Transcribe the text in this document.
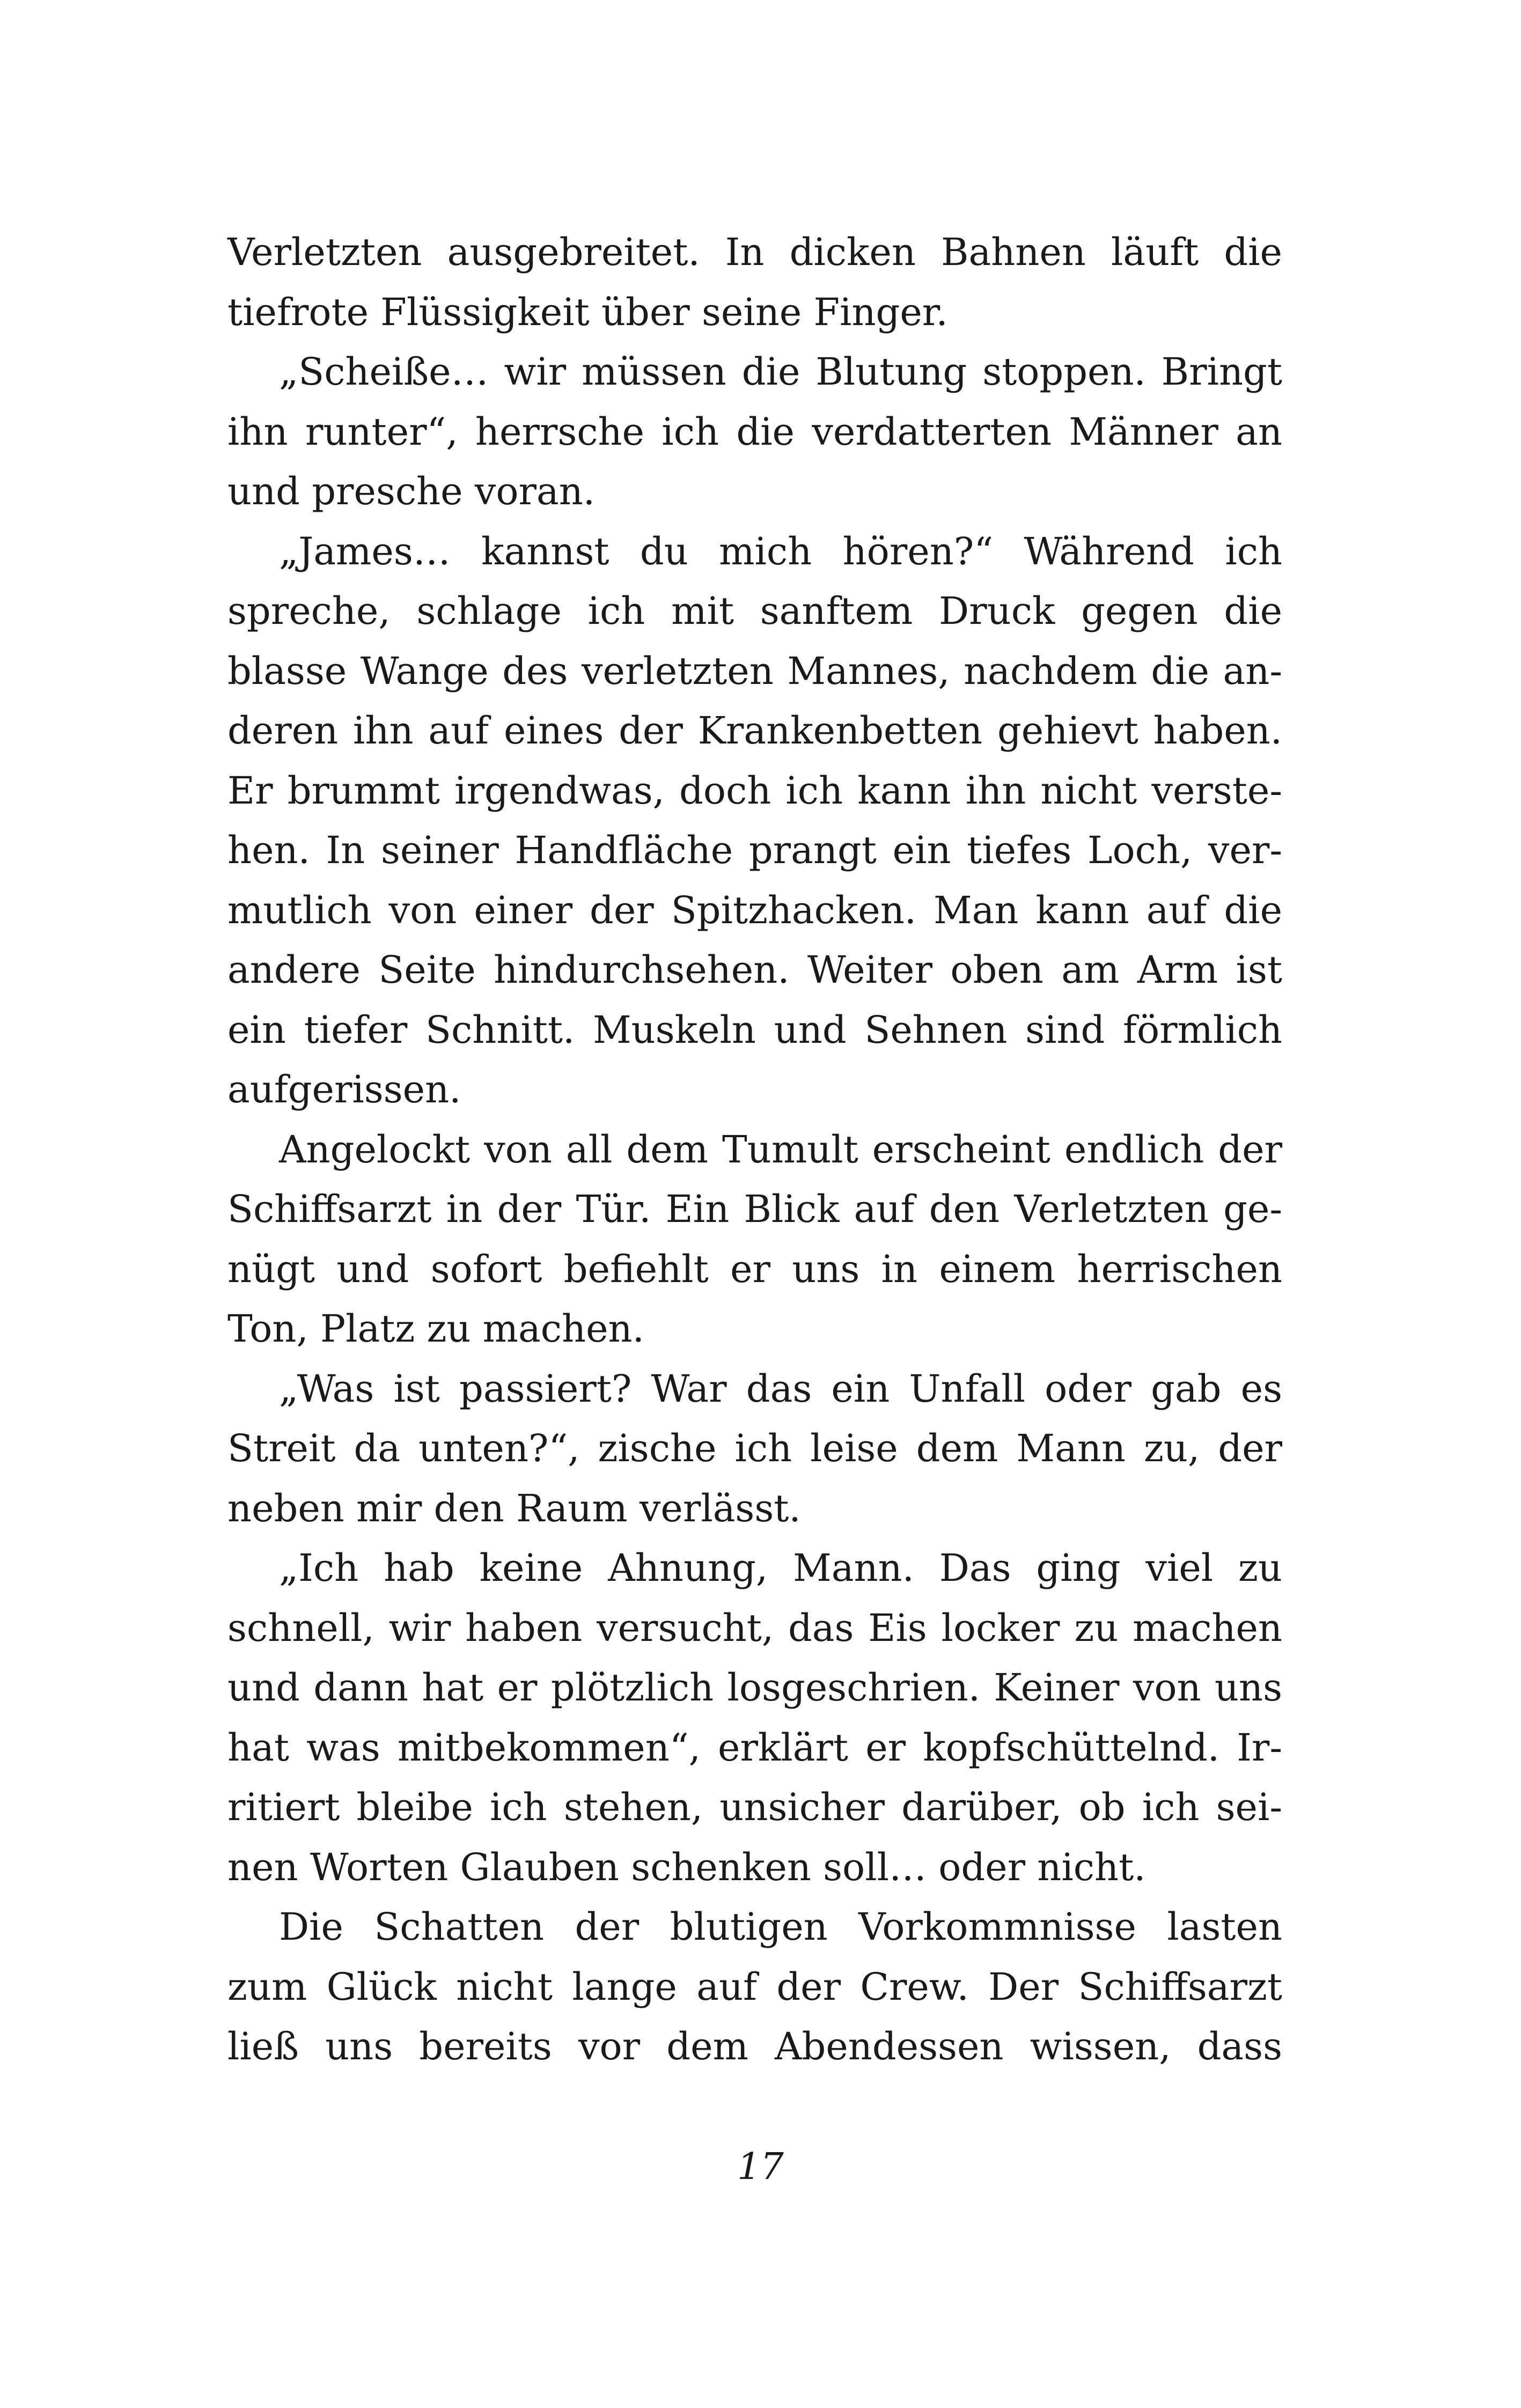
Verletzten ausgebreitet. In dicken Bahnen läuft die
tiefrote Flüssigkeit über seine Finger.
„Scheiße… wir müssen die Blutung stoppen. Bringt
ihn runter“, herrsche ich die verdatterten Männer an
und presche voran.
„James… kannst du mich hören?“ Während ich
spreche, schlage ich mit sanftem Druck gegen die
blasse Wange des verletzten Mannes, nachdem die an-
deren ihn auf eines der Krankenbetten gehievt haben.
Er brummt irgendwas, doch ich kann ihn nicht verste-
hen. In seiner Handfläche prangt ein tiefes Loch, ver-
mutlich von einer der Spitzhacken. Man kann auf die
andere Seite hindurchsehen. Weiter oben am Arm ist
ein tiefer Schnitt. Muskeln und Sehnen sind förmlich
aufgerissen.
Angelockt von all dem Tumult erscheint endlich der
Schiffsarzt in der Tür. Ein Blick auf den Verletzten ge-
nügt und sofort befiehlt er uns in einem herrischen
Ton, Platz zu machen.
„Was ist passiert? War das ein Unfall oder gab es
Streit da unten?“, zische ich leise dem Mann zu, der
neben mir den Raum verlässt.
„Ich hab keine Ahnung, Mann. Das ging viel zu
schnell, wir haben versucht, das Eis locker zu machen
und dann hat er plötzlich losgeschrien. Keiner von uns
hat was mitbekommen“, erklärt er kopfschüttelnd. Ir-
ritiert bleibe ich stehen, unsicher darüber, ob ich sei-
nen Worten Glauben schenken soll… oder nicht.
Die Schatten der blutigen Vorkommnisse lasten
zum Glück nicht lange auf der Crew. Der Schiffsarzt
ließ uns bereits vor dem Abendessen wissen, dass
17
